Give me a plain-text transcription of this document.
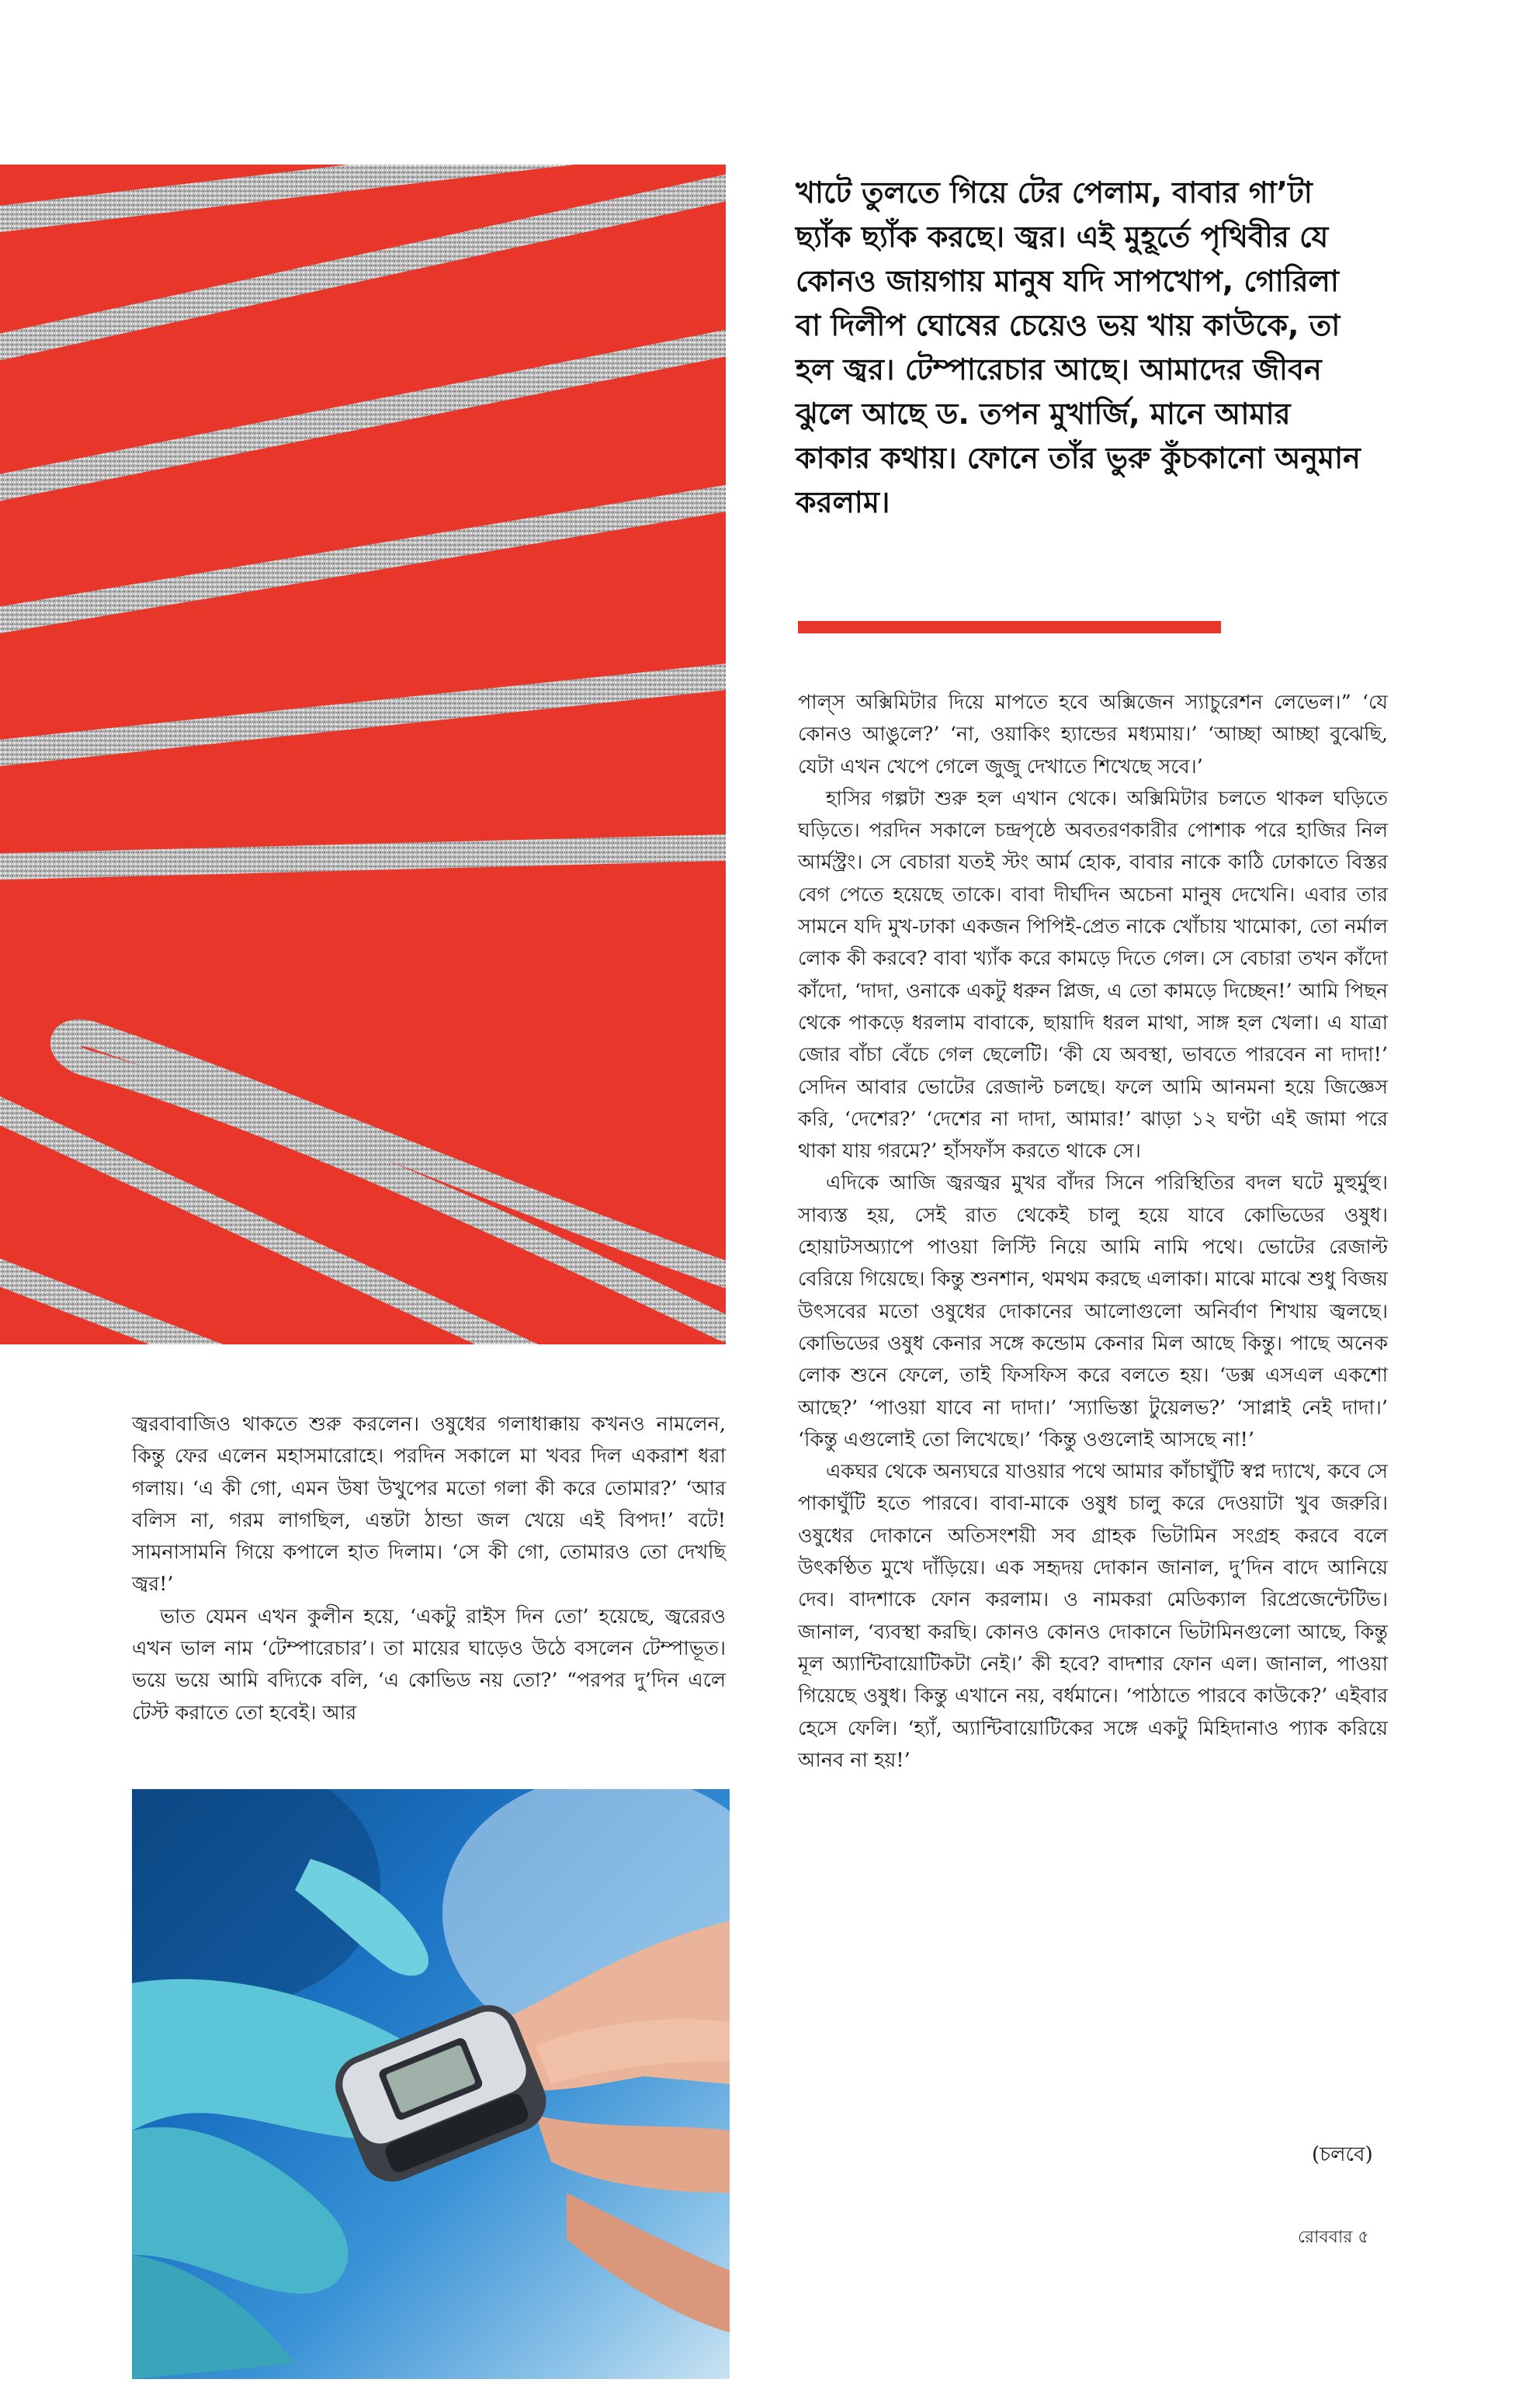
খাটে তুলতে গিয়ে টের পেলাম, বাবার গা’টা ছ্যাঁক ছ্যাঁক করছে। জ্বর। এই মুহূর্তে পৃথিবীর যে কোনও জায়গায় মানুষ যদি সাপখোপ, গোরিলা বা দিলীপ ঘোষের চেয়েও ভয় খায় কাউকে, তা হল জ্বর। টেম্পারেচার আছে। আমাদের জীবন ঝুলে আছে ড. তপন মুখার্জি, মানে আমার কাকার কথায়। ফোনে তাঁর ভুরু কুঁচকানো অনুমান করলাম।

পাল্‌স অক্সিমিটার দিয়ে মাপতে হবে অক্সিজেন স্যাচুরেশন লেভেল।” ‘যে কোনও আঙুলে?’ ‘না, ওয়াকিং হ্যান্ডের মধ্যমায়।’ ‘আচ্ছা আচ্ছা বুঝেছি, যেটা এখন খেপে গেলে জুজু দেখাতে শিখেছে সবে।’

হাসির গল্পটা শুরু হল এখান থেকে। অক্সিমিটার চলতে থাকল ঘড়িতে ঘড়িতে। পরদিন সকালে চন্দ্রপৃষ্ঠে অবতরণকারীর পোশাক পরে হাজির নিল আর্মস্ট্রং। সে বেচারা যতই স্টং আর্ম হোক, বাবার নাকে কাঠি ঢোকাতে বিস্তর বেগ পেতে হয়েছে তাকে। বাবা দীর্ঘদিন অচেনা মানুষ দেখেনি। এবার তার সামনে যদি মুখ-ঢাকা একজন পিপিই-প্রেত নাকে খোঁচায় খামোকা, তো নর্মাল লোক কী করবে? বাবা খ্যাঁক করে কামড়ে দিতে গেল। সে বেচারা তখন কাঁদো কাঁদো, ‘দাদা, ওনাকে একটু ধরুন প্লিজ, এ তো কামড়ে দিচ্ছেন!’ আমি পিছন থেকে পাকড়ে ধরলাম বাবাকে, ছায়াদি ধরল মাথা, সাঙ্গ হল খেলা। এ যাত্রা জোর বাঁচা বেঁচে গেল ছেলেটি। ‘কী যে অবস্থা, ভাবতে পারবেন না দাদা!’ সেদিন আবার ভোটের রেজাল্ট চলছে। ফলে আমি আনমনা হয়ে জিজ্ঞেস করি, ‘দেশের?’ ‘দেশের না দাদা, আমার!’ ঝাড়া ১২ ঘণ্টা এই জামা পরে থাকা যায় গরমে?’ হাঁসফাঁস করতে থাকে সে।

এদিকে আজি জ্বরজ্বর মুখর বাঁদর সিনে পরিস্থিতির বদল ঘটে মুহুর্মুহু। সাব্যস্ত হয়, সেই রাত থেকেই চালু হয়ে যাবে কোভিডের ওষুধ। হোয়াটসঅ্যাপে পাওয়া লিস্টি নিয়ে আমি নামি পথে। ভোটের রেজাল্ট বেরিয়ে গিয়েছে। কিন্তু শুনশান, থমথম করছে এলাকা। মাঝে মাঝে শুধু বিজয় উৎসবের মতো ওষুধের দোকানের আলোগুলো অনির্বাণ শিখায় জ্বলছে। কোভিডের ওষুধ কেনার সঙ্গে কন্ডোম কেনার মিল আছে কিন্তু। পাছে অনেক লোক শুনে ফেলে, তাই ফিসফিস করে বলতে হয়। ‘ডক্স এসএল একশো আছে?’ ‘পাওয়া যাবে না দাদা।’ ‘স্যাভিস্তা টুয়েলভ?’ ‘সাপ্লাই নেই দাদা।’ ‘কিন্তু এগুলোই তো লিখেছে।’ ‘কিন্তু ওগুলোই আসছে না!’

একঘর থেকে অন্যঘরে যাওয়ার পথে আমার কাঁচাঘুঁটি স্বপ্ন দ্যাখে, কবে সে পাকাঘুঁটি হতে পারবে। বাবা-মাকে ওষুধ চালু করে দেওয়াটা খুব জরুরি। ওষুধের দোকানে অতিসংশয়ী সব গ্রাহক ভিটামিন সংগ্রহ করবে বলে উৎকণ্ঠিত মুখে দাঁড়িয়ে। এক সহৃদয় দোকান জানাল, দু’দিন বাদে আনিয়ে দেব। বাদশাকে ফোন করলাম। ও নামকরা মেডিক্যাল রিপ্রেজেন্টেটিভ। জানাল, ‘ব্যবস্থা করছি। কোনও কোনও দোকানে ভিটামিনগুলো আছে, কিন্তু মূল অ্যান্টিবায়োটিকটা নেই।’ কী হবে? বাদশার ফোন এল। জানাল, পাওয়া গিয়েছে ওষুধ। কিন্তু এখানে নয়, বর্ধমানে। ‘পাঠাতে পারবে কাউকে?’ এইবার হেসে ফেলি। ‘হ্যাঁ, অ্যান্টিবায়োটিকের সঙ্গে একটু মিহিদানাও প্যাক করিয়ে আনব না হয়!’

জ্বরবাবাজিও থাকতে শুরু করলেন। ওষুধের গলাধাক্কায় কখনও নামলেন, কিন্তু ফের এলেন মহাসমারোহে। পরদিন সকালে মা খবর দিল একরাশ ধরা গলায়। ‘এ কী গো, এমন উষা উখুপের মতো গলা কী করে তোমার?’ ‘আর বলিস না, গরম লাগছিল, এন্তটা ঠান্ডা জল খেয়ে এই বিপদ!’ বটে! সামনাসামনি গিয়ে কপালে হাত দিলাম। ‘সে কী গো, তোমারও তো দেখছি জ্বর!’

ভাত যেমন এখন কুলীন হয়ে, ‘একটু রাইস দিন তো’ হয়েছে, জ্বরেরও এখন ভাল নাম ‘টেম্পারেচার’। তা মায়ের ঘাড়েও উঠে বসলেন টেম্পাভূত। ভয়ে ভয়ে আমি বদ্যিকে বলি, ‘এ কোভিড নয় তো?’ “পরপর দু’দিন এলে টেস্ট করাতে তো হবেই। আর

(চলবে)
রোববার ৫
